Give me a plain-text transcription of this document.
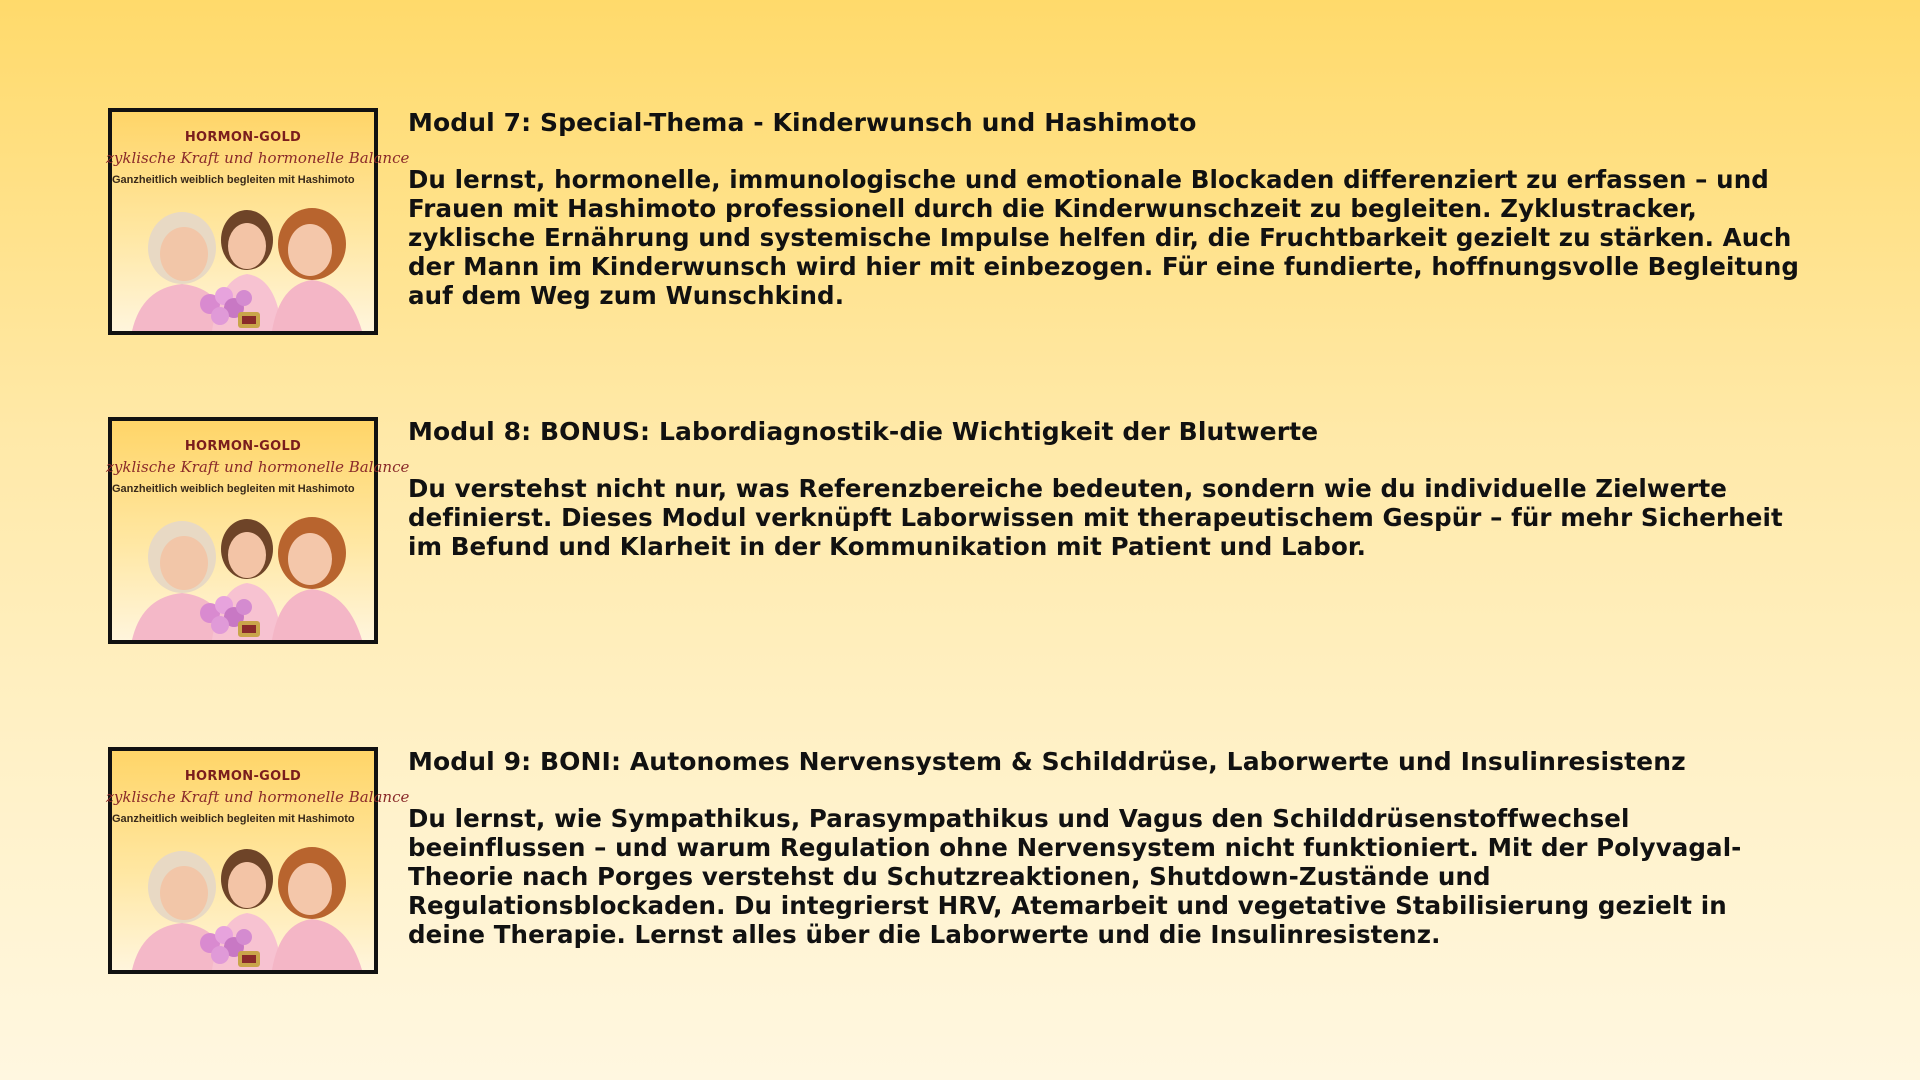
HORMON-GOLD
zyklische Kraft und hormonelle Balance
Ganzheitlich weiblich begleiten mit Hashimoto
Modul 7: Special-Thema - Kinderwunsch und Hashimoto

Du lernst, hormonelle, immunologische und emotionale Blockaden differenziert zu erfassen – und Frauen mit Hashimoto professionell durch die Kinderwunschzeit zu begleiten. Zyklustracker, zyklische Ernährung und systemische Impulse helfen dir, die Fruchtbarkeit gezielt zu stärken. Auch der Mann im Kinderwunsch wird hier mit einbezogen. Für eine fundierte, hoffnungsvolle Begleitung auf dem Weg zum Wunschkind.

HORMON-GOLD
zyklische Kraft und hormonelle Balance
Ganzheitlich weiblich begleiten mit Hashimoto
Modul 8: BONUS: Labordiagnostik-die Wichtigkeit der Blutwerte

Du verstehst nicht nur, was Referenzbereiche bedeuten, sondern wie du individuelle Zielwerte definierst. Dieses Modul verknüpft Laborwissen mit therapeutischem Gespür – für mehr Sicherheit im Befund und Klarheit in der Kommunikation mit Patient und Labor.

HORMON-GOLD
zyklische Kraft und hormonelle Balance
Ganzheitlich weiblich begleiten mit Hashimoto
Modul 9: BONI: Autonomes Nervensystem & Schilddrüse, Laborwerte und Insulinresistenz

Du lernst, wie Sympathikus, Parasympathikus und Vagus den Schilddrüsenstoffwechsel beeinflussen – und warum Regulation ohne Nervensystem nicht funktioniert. Mit der Polyvagal-Theorie nach Porges verstehst du Schutzreaktionen, Shutdown-Zustände und Regulationsblockaden. Du integrierst HRV, Atemarbeit und vegetative Stabilisierung gezielt in deine Therapie. Lernst alles über die Laborwerte und die Insulinresistenz.
